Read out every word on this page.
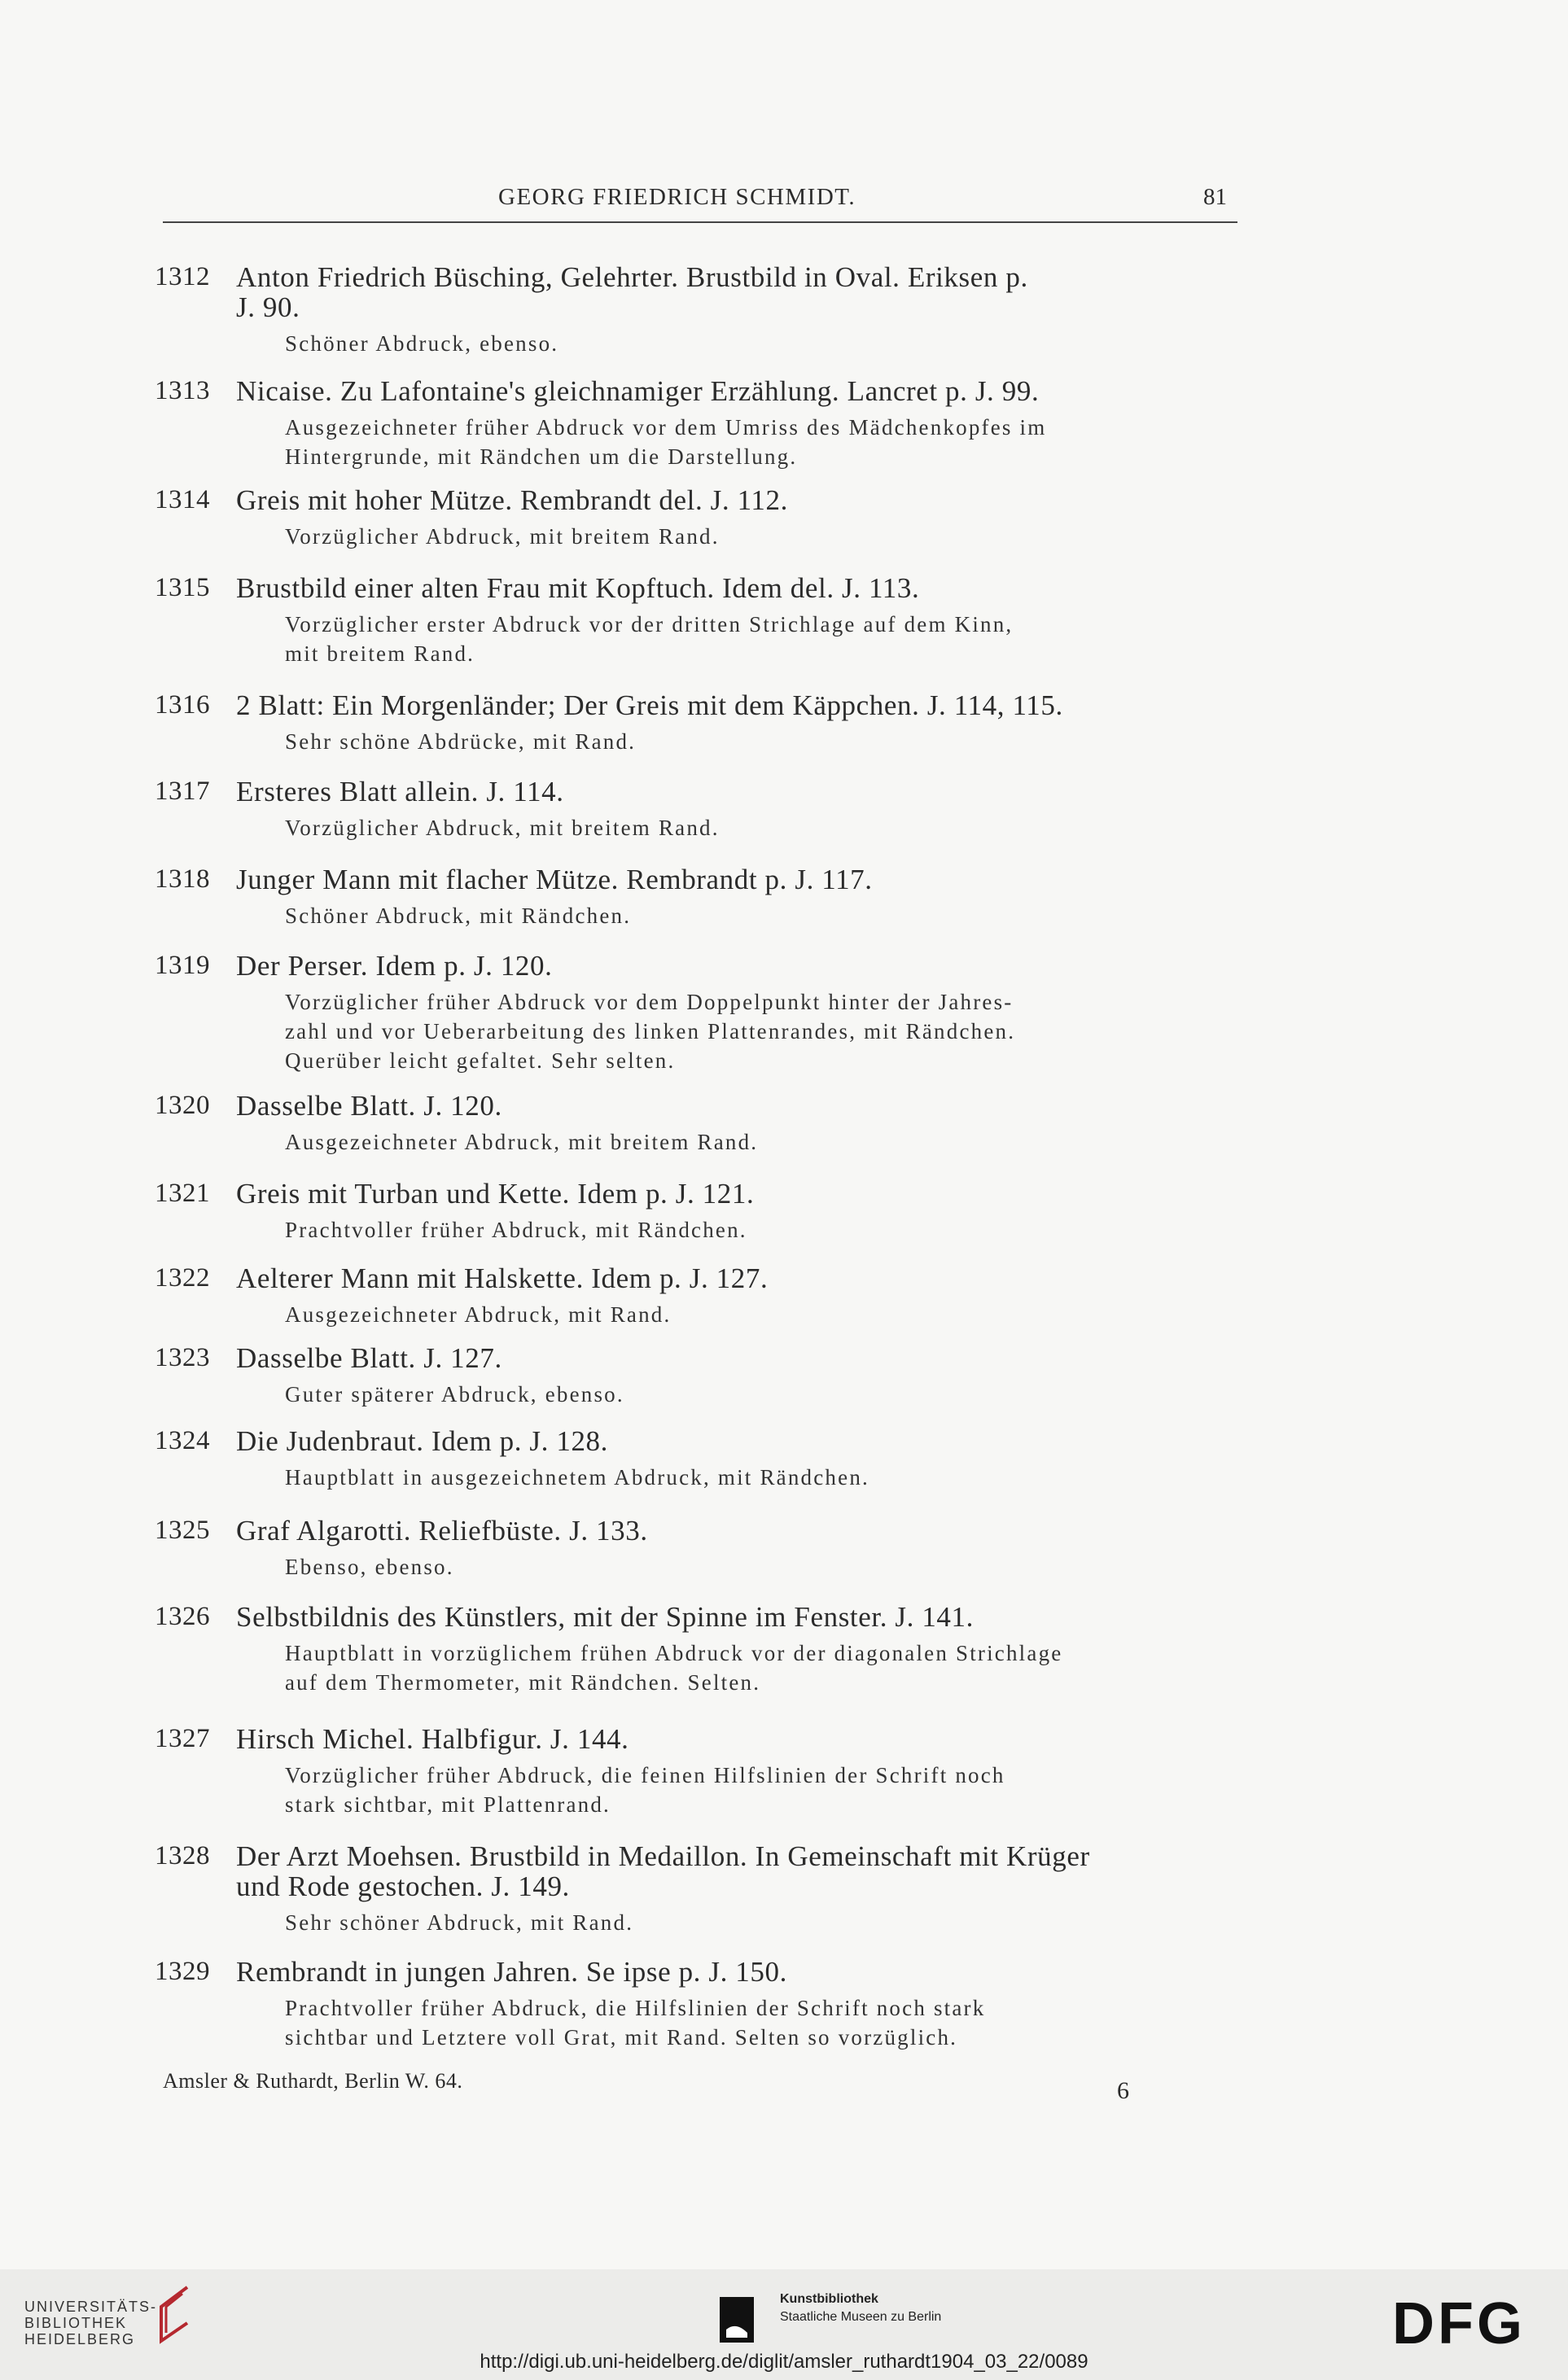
GEORG FRIEDRICH SCHMIDT.	81
1312 Anton Friedrich Büsching, Gelehrter. Brustbild in Oval. Eriksen p.
J. 90.
Schöner Abdruck, ebenso.
1313 Nicaise. Zu Lafontaine's gleichnamiger Erzählung. Lancret p. J. 99.
Ausgezeichneter früher Abdruck vor dem Umriss des Mädchenkopfes im
Hintergrunde, mit Rändchen um die Darstellung.
1314 Greis mit hoher Mütze. Rembrandt del. J. 112.
Vorzüglicher Abdruck, mit breitem Rand.
1315 Brustbild einer alten Frau mit Kopftuch. Idem del. J. 113.
Vorzüglicher erster Abdruck vor der dritten Strichlage auf dem Kinn,
mit breitem Rand.
1316 2 Blatt: Ein Morgenländer; Der Greis mit dem Käppchen. J. 114, 115.
Sehr schöne Abdrücke, mit Rand.
1317 Ersteres Blatt allein. J. 114.
Vorzüglicher Abdruck, mit breitem Rand.
1318 Junger Mann mit flacher Mütze. Rembrandt p. J. 117.
Schöner Abdruck, mit Rändchen.
1319 Der Perser. Idem p. J. 120.
Vorzüglicher früher Abdruck vor dem Doppelpunkt hinter der Jahres-
zahl und vor Ueberarbeitung des linken Plattenrandes, mit Rändchen.
Querüber leicht gefaltet. Sehr selten.
1320 Dasselbe Blatt. J. 120.
Ausgezeichneter Abdruck, mit breitem Rand.
1321 Greis mit Turban und Kette. Idem p. J. 121.
Prachtvoller früher Abdruck, mit Rändchen.
1322 Aelterer Mann mit Halskette. Idem p. J. 127.
Ausgezeichneter Abdruck, mit Rand.
1323 Dasselbe Blatt. J. 127.
Guter späterer Abdruck, ebenso.
1324 Die Judenbraut. Idem p. J. 128.
Hauptblatt in ausgezeichnetem Abdruck, mit Rändchen.
1325 Graf Algarotti. Reliefbüste. J. 133.
Ebenso, ebenso.
1326 Selbstbildnis des Künstlers, mit der Spinne im Fenster. J. 141.
Hauptblatt in vorzüglichem frühen Abdruck vor der diagonalen Strichlage
auf dem Thermometer, mit Rändchen. Selten.
1327 Hirsch Michel. Halbfigur. J. 144.
Vorzüglicher früher Abdruck, die feinen Hilfslinien der Schrift noch
stark sichtbar, mit Plattenrand.
1328 Der Arzt Moehsen. Brustbild in Medaillon. In Gemeinschaft mit Krüger
und Rode gestochen. J. 149.
Sehr schöner Abdruck, mit Rand.
1329 Rembrandt in jungen Jahren. Se ipse p. J. 150.
Prachtvoller früher Abdruck, die Hilfslinien der Schrift noch stark
sichtbar und Letztere voll Grat, mit Rand. Selten so vorzüglich.
Amsler & Ruthardt, Berlin W. 64.	6
UNIVERSITÄTS-
BIBLIOTHEK
HEIDELBERG
Kunstbibliothek
Staatliche Museen zu Berlin	DFG
http://digi.ub.uni-heidelberg.de/diglit/amsler_ruthardt1904_03_22/0089
